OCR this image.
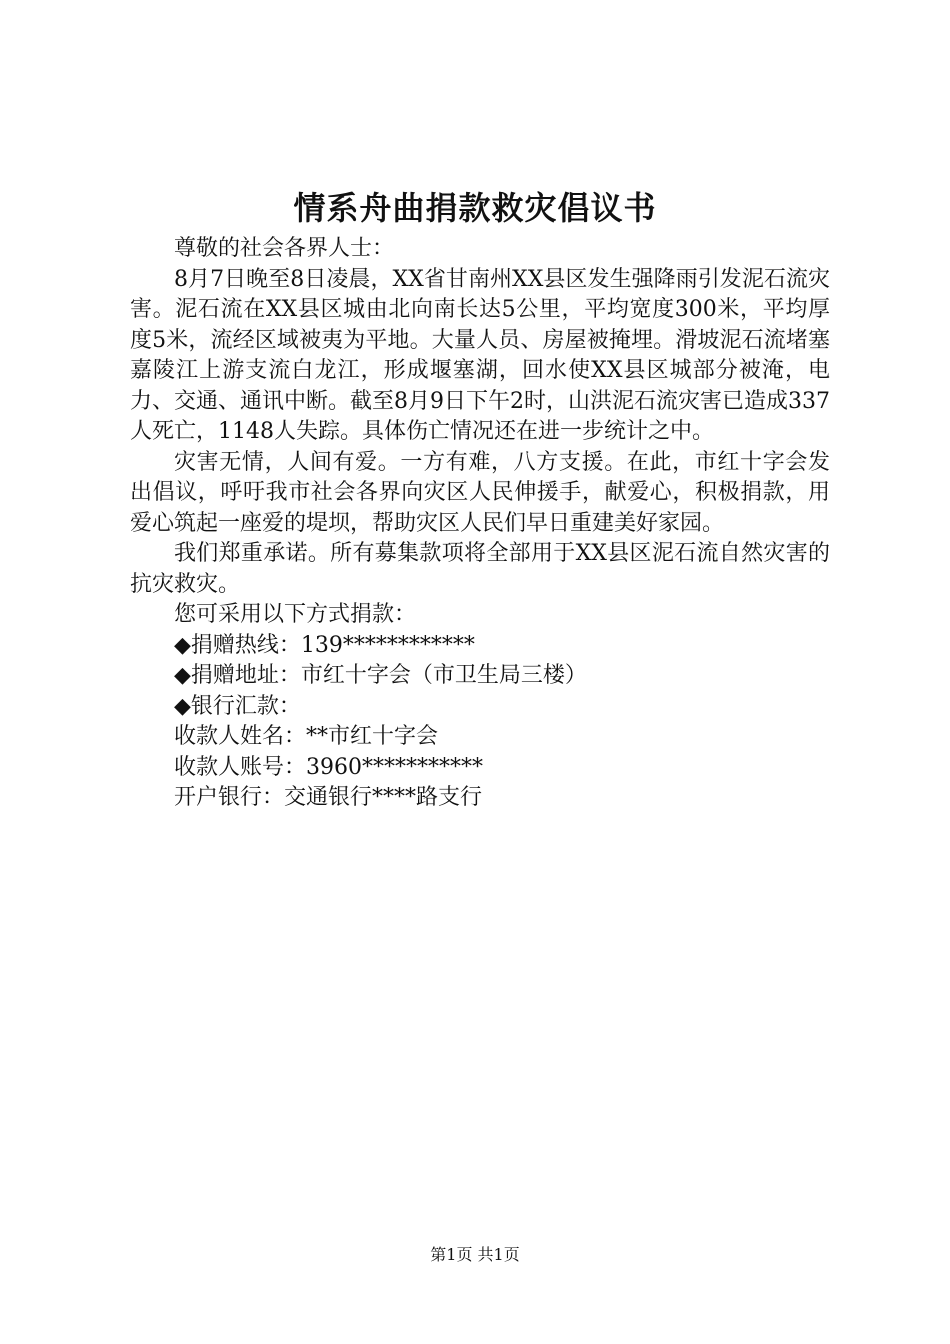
情系舟曲捐款救灾倡议书

尊敬的社会各界人士：

8月7日晚至8日凌晨，XX省甘南州XX县区发生强降雨引发泥石流灾害。泥石流在XX县区城由北向南长达5公里，平均宽度300米，平均厚度5米，流经区域被夷为平地。大量人员、房屋被掩埋。滑坡泥石流堵塞嘉陵江上游支流白龙江，形成堰塞湖，回水使XX县区城部分被淹，电力、交通、通讯中断。截至8月9日下午2时，山洪泥石流灾害已造成337人死亡，1148人失踪。具体伤亡情况还在进一步统计之中。

灾害无情，人间有爱。一方有难，八方支援。在此，市红十字会发出倡议，呼吁我市社会各界向灾区人民伸援手，献爱心，积极捐款，用爱心筑起一座爱的堤坝，帮助灾区人民们早日重建美好家园。

我们郑重承诺。所有募集款项将全部用于XX县区泥石流自然灾害的抗灾救灾。

您可采用以下方式捐款：

◆捐赠热线：139************

◆捐赠地址：市红十字会（市卫生局三楼）

◆银行汇款：

收款人姓名：**市红十字会

收款人账号：3960***********

开户银行：交通银行****路支行

第1页 共1页
